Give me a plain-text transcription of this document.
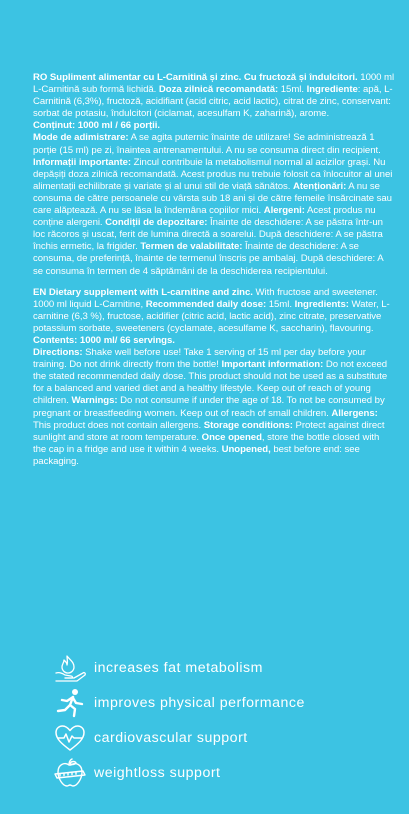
RO Supliment alimentar cu L-Carnitină și zinc. Cu fructoză și îndulcitori. 1000 ml L-Carnitină sub formă lichidă. Doza zilnică recomandată: 15ml. Ingrediente: apă, L-Carnitină (6,3%), fructoză, acidifiant (acid citric, acid lactic), citrat de zinc, conservant: sorbat de potasiu, îndulcitori (ciclamat, acesulfam K, zaharină), arome.
Conținut: 1000 ml / 66 porții.
Mode de adimistrare: A se agita puternic înainte de utilizare! Se administrează 1 porție (15 ml) pe zi, înaintea antrenamentului. A nu se consuma direct din recipient. Informații importante: Zincul contribuie la metabolismul normal al acizilor grași. Nu depășiți doza zilnică recomandată. Acest produs nu trebuie folosit ca înlocuitor al unei alimentații echilibrate și variate și al unui stil de viață sănătos. Atenționări: A nu se consuma de către persoanele cu vârsta sub 18 ani și de către femeile însărcinate sau care alăptează. A nu se lăsa la îndemâna copiilor mici. Alergeni: Acest produs nu conține alergeni. Condiții de depozitare: Înainte de deschidere: A se păstra într-un loc răcoros și uscat, ferit de lumina directă a soarelui. După deschidere: A se păstra închis ermetic, la frigider. Termen de valabilitate: Înainte de deschidere: A se consuma, de preferință, înainte de termenul înscris pe ambalaj. După deschidere: A se consuma în termen de 4 săptămâni de la deschiderea recipientului.

EN Dietary supplement with L-carnitine and zinc. With fructose and sweetener. 1000 ml liquid L-Carnitine, Recommended daily dose: 15ml. Ingredients: Water, L-carnitine (6,3 %), fructose, acidifier (citric acid, lactic acid), zinc citrate, preservative potassium sorbate, sweeteners (cyclamate, acesulfame K, saccharin), flavouring.
Contents: 1000 ml/ 66 servings.
Directions: Shake well before use! Take 1 serving of 15 ml per day before your training. Do not drink directly from the bottle! Important information: Do not exceed the stated recommended daily dose. This product should not be used as a substitute for a balanced and varied diet and a healthy lifestyle. Keep out of reach of young children. Warnings: Do not consume if under the age of 18. To not be consumed by pregnant or breastfeeding women. Keep out of reach of small children. Allergens: This product does not contain allergens. Storage conditions: Protect against direct sunlight and store at room temperature. Once opened, store the bottle closed with the cap in a fridge and use it within 4 weeks. Unopened, best before end: see packaging.

increases fat metabolism
improves physical performance
cardiovascular support
weightloss support
